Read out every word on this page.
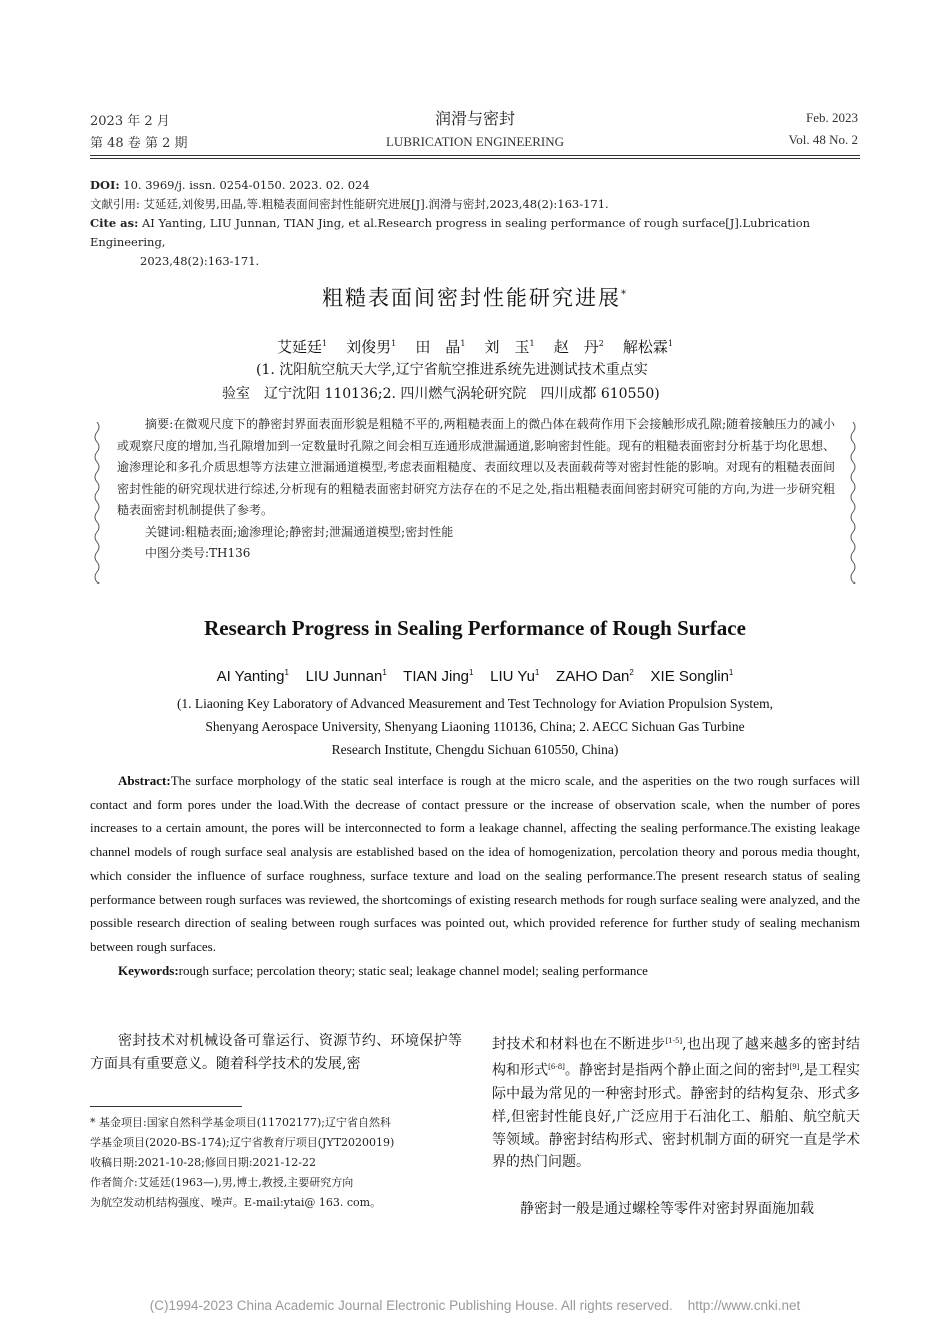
2023 年 2 月
第 48 卷 第 2 期
润滑与密封
LUBRICATION ENGINEERING
Feb. 2023
Vol. 48 No. 2
DOI: 10. 3969/j. issn. 0254-0150. 2023. 02. 024
文献引用: 艾延廷,刘俊男,田晶,等.粗糙表面间密封性能研究进展[J].润滑与密封,2023,48(2):163-171.
Cite as: AI Yanting, LIU Junnan, TIAN Jing, et al.Research progress in sealing performance of rough surface[J].Lubrication Engineering,
2023,48(2):163-171.
粗糙表面间密封性能研究进展*
艾延廷$^1$ 刘俊男$^1$ 田　晶$^1$ 刘　玉$^1$ 赵　丹$^2$ 解松霖$^1$
(1. 沈阳航空航天大学,辽宁省航空推进系统先进测试技术重点实
验室　辽宁沈阳 110136;2. 四川燃气涡轮研究院　四川成都 610550)
摘要:在微观尺度下的静密封界面表面形貌是粗糙不平的,两粗糙表面上的微凸体在载荷作用下会接触形成孔隙;随着接触压力的减小或观察尺度的增加,当孔隙增加到一定数量时孔隙之间会相互连通形成泄漏通道,影响密封性能。现有的粗糙表面密封分析基于均化思想、逾渗理论和多孔介质思想等方法建立泄漏通道模型,考虑表面粗糙度、表面纹理以及表面载荷等对密封性能的影响。对现有的粗糙表面间密封性能的研究现状进行综述,分析现有的粗糙表面密封研究方法存在的不足之处,指出粗糙表面间密封研究可能的方向,为进一步研究粗糙表面密封机制提供了参考。
关键词:粗糙表面;逾渗理论;静密封;泄漏通道模型;密封性能
中图分类号:TH136
Research Progress in Sealing Performance of Rough Surface
AI Yanting$^1$ LIU Junnan$^1$ TIAN Jing$^1$ LIU Yu$^1$ ZAHO Dan$^2$ XIE Songlin$^1$
(1. Liaoning Key Laboratory of Advanced Measurement and Test Technology for Aviation Propulsion System,
Shenyang Aerospace University, Shenyang Liaoning 110136, China; 2. AECC Sichuan Gas Turbine
Research Institute, Chengdu Sichuan 610550, China)
Abstract:The surface morphology of the static seal interface is rough at the micro scale, and the asperities on the two rough surfaces will contact and form pores under the load.With the decrease of contact pressure or the increase of observation scale, when the number of pores increases to a certain amount, the pores will be interconnected to form a leakage channel, affecting the sealing performance.The existing leakage channel models of rough surface seal analysis are established based on the idea of homogenization, percolation theory and porous media thought, which consider the influence of surface roughness, surface texture and load on the sealing performance.The present research status of sealing performance between rough surfaces was reviewed, the shortcomings of existing research methods for rough surface sealing were analyzed, and the possible research direction of sealing between rough surfaces was pointed out, which provided reference for further study of sealing mechanism between rough surfaces.
Keywords:rough surface; percolation theory; static seal; leakage channel model; sealing performance
密封技术对机械设备可靠运行、资源节约、环境保护等方面具有重要意义。随着科学技术的发展,密
* 基金项目:国家自然科学基金项目(11702177);辽宁省自然科
学基金项目(2020-BS-174);辽宁省教育厅项目(JYT2020019)
收稿日期:2021-10-28;修回日期:2021-12-22
作者简介:艾延廷(1963—),男,博士,教授,主要研究方向
为航空发动机结构强度、噪声。E-mail:ytai@ 163. com。
封技术和材料也在不断进步[1-5],也出现了越来越多的密封结构和形式[6-8]。静密封是指两个静止面之间的密封[9],是工程实际中最为常见的一种密封形式。静密封的结构复杂、形式多样,但密封性能良好,广泛应用于石油化工、船舶、航空航天等领域。静密封结构形式、密封机制方面的研究一直是学术界的热门问题。
静密封一般是通过螺栓等零件对密封界面施加载
(C)1994-2023 China Academic Journal Electronic Publishing House. All rights reserved.    http://www.cnki.net
